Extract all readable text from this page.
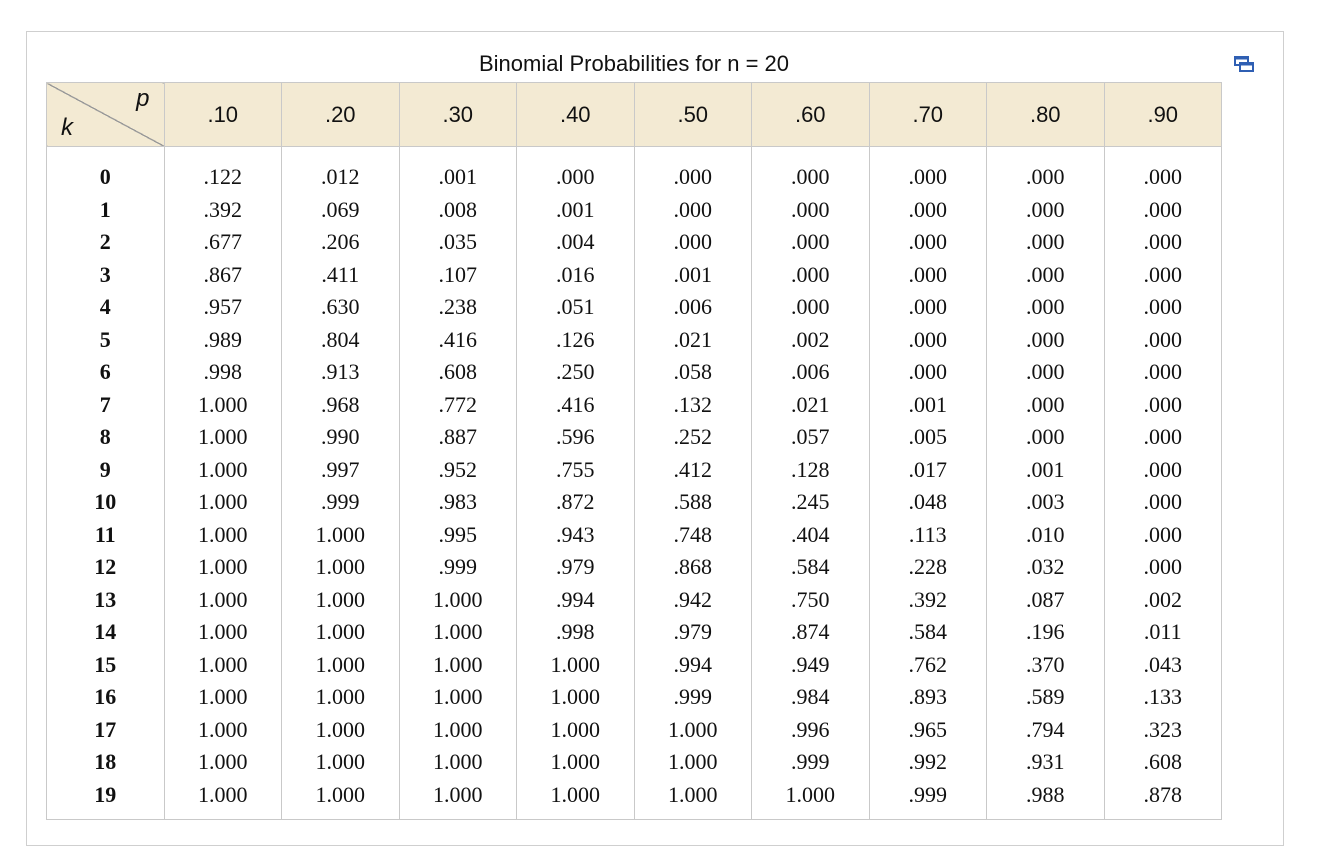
Binomial Probabilities for n = 20
p
k	.10	.20	.30	.40	.50	.60	.70	.80	.90

0	.122	.012	.001	.000	.000	.000	.000	.000	.000
1	.392	.069	.008	.001	.000	.000	.000	.000	.000
2	.677	.206	.035	.004	.000	.000	.000	.000	.000
3	.867	.411	.107	.016	.001	.000	.000	.000	.000
4	.957	.630	.238	.051	.006	.000	.000	.000	.000
5	.989	.804	.416	.126	.021	.002	.000	.000	.000
6	.998	.913	.608	.250	.058	.006	.000	.000	.000
7	1.000	.968	.772	.416	.132	.021	.001	.000	.000
8	1.000	.990	.887	.596	.252	.057	.005	.000	.000
9	1.000	.997	.952	.755	.412	.128	.017	.001	.000
10	1.000	.999	.983	.872	.588	.245	.048	.003	.000
11	1.000	1.000	.995	.943	.748	.404	.113	.010	.000
12	1.000	1.000	.999	.979	.868	.584	.228	.032	.000
13	1.000	1.000	1.000	.994	.942	.750	.392	.087	.002
14	1.000	1.000	1.000	.998	.979	.874	.584	.196	.011
15	1.000	1.000	1.000	1.000	.994	.949	.762	.370	.043
16	1.000	1.000	1.000	1.000	.999	.984	.893	.589	.133
17	1.000	1.000	1.000	1.000	1.000	.996	.965	.794	.323
18	1.000	1.000	1.000	1.000	1.000	.999	.992	.931	.608
19	1.000	1.000	1.000	1.000	1.000	1.000	.999	.988	.878
